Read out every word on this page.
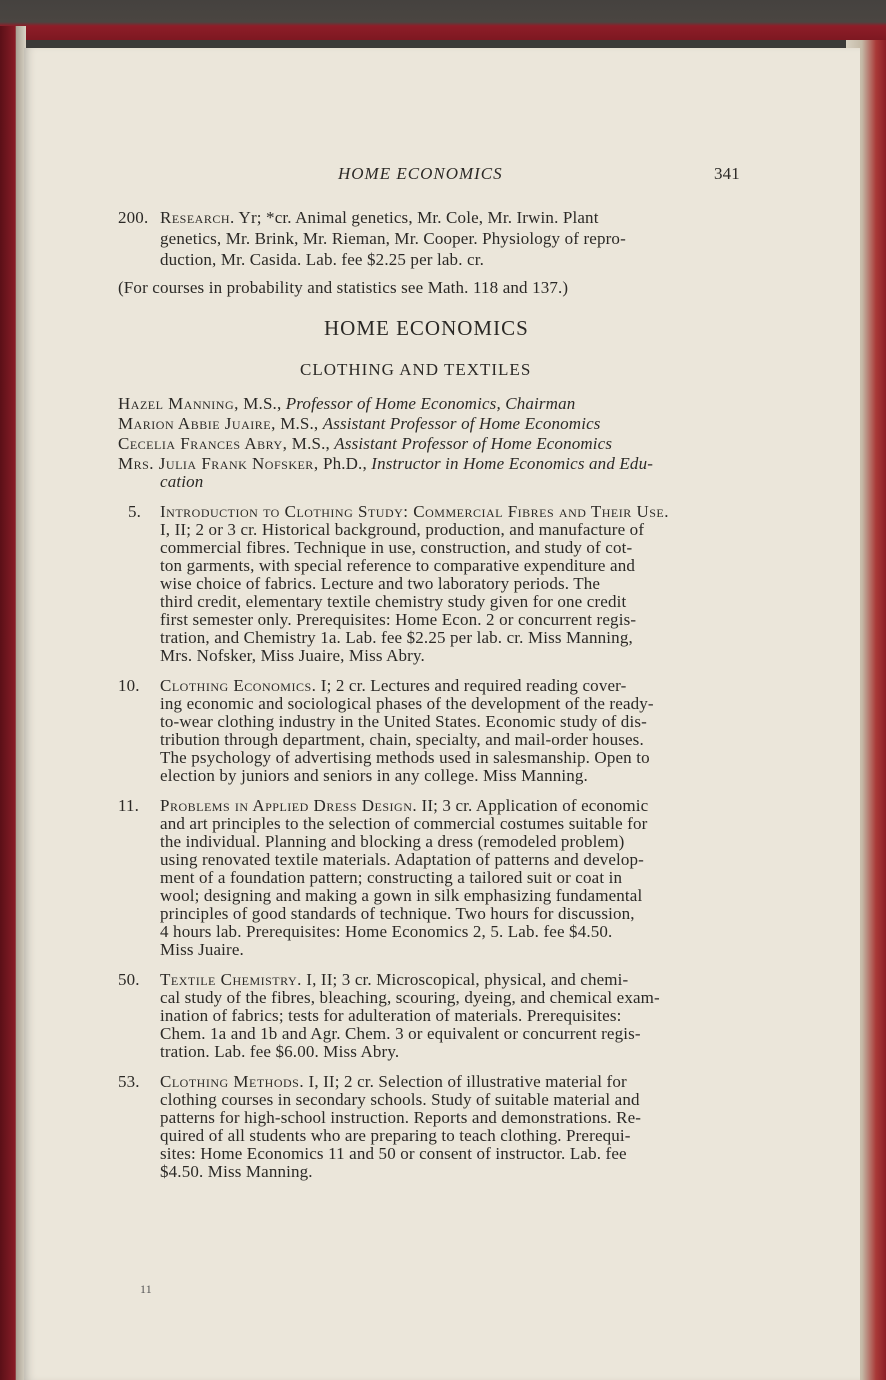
HOME ECONOMICS	341
200. Research. Yr; *cr. Animal genetics, Mr. Cole, Mr. Irwin. Plant
genetics, Mr. Brink, Mr. Rieman, Mr. Cooper. Physiology of repro-
duction, Mr. Casida. Lab. fee $2.25 per lab. cr.
(For courses in probability and statistics see Math. 118 and 137.)
HOME ECONOMICS
CLOTHING AND TEXTILES
Hazel Manning, M.S., Professor of Home Economics, Chairman
Marion Abbie Juaire, M.S., Assistant Professor of Home Economics
Cecelia Frances Abry, M.S., Assistant Professor of Home Economics
Mrs. Julia Frank Nofsker, Ph.D., Instructor in Home Economics and Edu-
cation
5. Introduction to Clothing Study: Commercial Fibres and Their Use.
I, II; 2 or 3 cr. Historical background, production, and manufacture of
commercial fibres. Technique in use, construction, and study of cot-
ton garments, with special reference to comparative expenditure and
wise choice of fabrics. Lecture and two laboratory periods. The
third credit, elementary textile chemistry study given for one credit
first semester only. Prerequisites: Home Econ. 2 or concurrent regis-
tration, and Chemistry 1a. Lab. fee $2.25 per lab. cr. Miss Manning,
Mrs. Nofsker, Miss Juaire, Miss Abry.
10. Clothing Economics. I; 2 cr. Lectures and required reading cover-
ing economic and sociological phases of the development of the ready-
to-wear clothing industry in the United States. Economic study of dis-
tribution through department, chain, specialty, and mail-order houses.
The psychology of advertising methods used in salesmanship. Open to
election by juniors and seniors in any college. Miss Manning.
11. Problems in Applied Dress Design. II; 3 cr. Application of economic
and art principles to the selection of commercial costumes suitable for
the individual. Planning and blocking a dress (remodeled problem)
using renovated textile materials. Adaptation of patterns and develop-
ment of a foundation pattern; constructing a tailored suit or coat in
wool; designing and making a gown in silk emphasizing fundamental
principles of good standards of technique. Two hours for discussion,
4 hours lab. Prerequisites: Home Economics 2, 5. Lab. fee $4.50.
Miss Juaire.
50. Textile Chemistry. I, II; 3 cr. Microscopical, physical, and chemi-
cal study of the fibres, bleaching, scouring, dyeing, and chemical exam-
ination of fabrics; tests for adulteration of materials. Prerequisites:
Chem. 1a and 1b and Agr. Chem. 3 or equivalent or concurrent regis-
tration. Lab. fee $6.00. Miss Abry.
53. Clothing Methods. I, II; 2 cr. Selection of illustrative material for
clothing courses in secondary schools. Study of suitable material and
patterns for high-school instruction. Reports and demonstrations. Re-
quired of all students who are preparing to teach clothing. Prerequi-
sites: Home Economics 11 and 50 or consent of instructor. Lab. fee
$4.50. Miss Manning.
11
